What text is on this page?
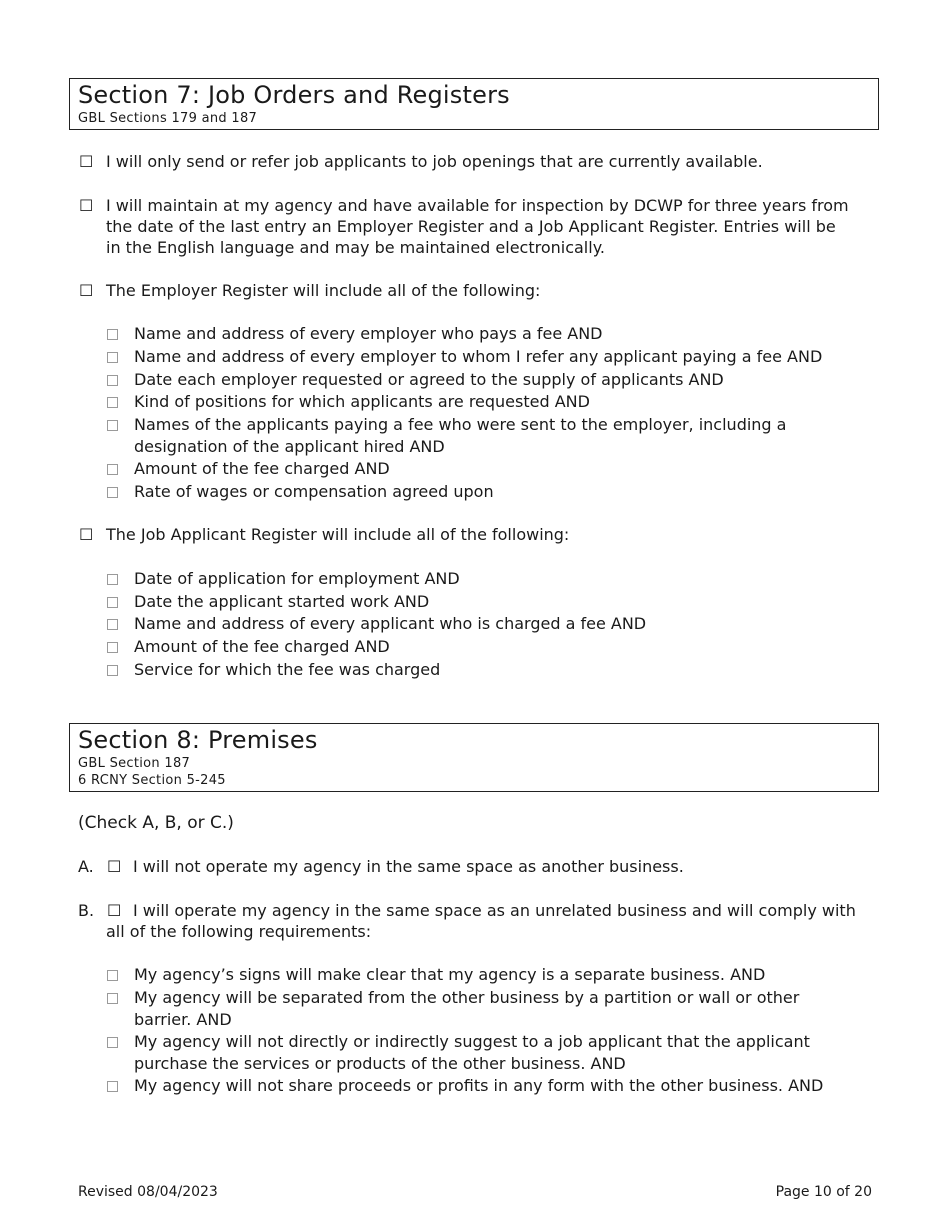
Section 7: Job Orders and Registers
GBL Sections 179 and 187
☐ I will only send or refer job applicants to job openings that are currently available.
☐ I will maintain at my agency and have available for inspection by DCWP for three years from
the date of the last entry an Employer Register and a Job Applicant Register. Entries will be
in the English language and may be maintained electronically.
☐ The Employer Register will include all of the following:
Name and address of every employer who pays a fee AND
Name and address of every employer to whom I refer any applicant paying a fee AND
Date each employer requested or agreed to the supply of applicants AND
Kind of positions for which applicants are requested AND
Names of the applicants paying a fee who were sent to the employer, including a
designation of the applicant hired AND
Amount of the fee charged AND
Rate of wages or compensation agreed upon
☐ The Job Applicant Register will include all of the following:
Date of application for employment AND
Date the applicant started work AND
Name and address of every applicant who is charged a fee AND
Amount of the fee charged AND
Service for which the fee was charged
Section 8: Premises
GBL Section 187
6 RCNY Section 5-245
(Check A, B, or C.)
A. ☐ I will not operate my agency in the same space as another business.
B. ☐ I will operate my agency in the same space as an unrelated business and will comply with
all of the following requirements:
My agency’s signs will make clear that my agency is a separate business. AND
My agency will be separated from the other business by a partition or wall or other
barrier. AND
My agency will not directly or indirectly suggest to a job applicant that the applicant
purchase the services or products of the other business. AND
My agency will not share proceeds or profits in any form with the other business. AND
Revised 08/04/2023	Page 10 of 20
